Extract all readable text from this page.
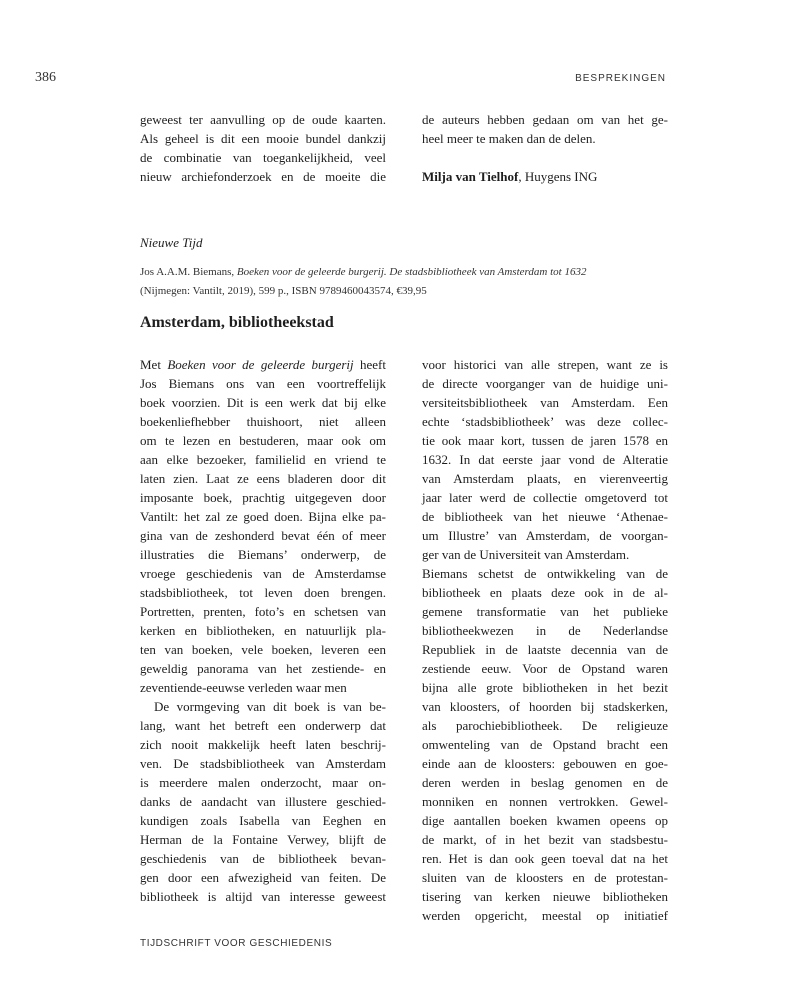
386	BESPREKINGEN
geweest ter aanvulling op de oude kaarten.
Als geheel is dit een mooie bundel dankzij
de combinatie van toegankelijkheid, veel
nieuw archiefonderzoek en de moeite die
de auteurs hebben gedaan om van het ge-
heel meer te maken dan de delen.

Milja van Tielhof, Huygens ING

Nieuwe Tijd
Jos A.A.M. Biemans, Boeken voor de geleerde burgerij. De stadsbibliotheek van Amsterdam tot 1632
(Nijmegen: Vantilt, 2019), 599 p., ISBN 9789460043574, €39,95
Amsterdam, bibliotheekstad
Met Boeken voor de geleerde burgerij heeft
Jos Biemans ons van een voortreffelijk
boek voorzien. Dit is een werk dat bij elke
boekenliefhebber thuishoort, niet alleen
om te lezen en bestuderen, maar ook om
aan elke bezoeker, familielid en vriend te
laten zien. Laat ze eens bladeren door dit
imposante boek, prachtig uitgegeven door
Vantilt: het zal ze goed doen. Bijna elke pa-
gina van de zeshonderd bevat één of meer
illustraties die Biemans’ onderwerp, de
vroege geschiedenis van de Amsterdamse
stadsbibliotheek, tot leven doen brengen.
Portretten, prenten, foto’s en schetsen van
kerken en bibliotheken, en natuurlijk pla-
ten van boeken, vele boeken, leveren een
geweldig panorama van het zestiende- en
zeventiende-eeuwse verleden waar men
De vormgeving van dit boek is van be-
lang, want het betreft een onderwerp dat
zich nooit makkelijk heeft laten beschrij-
ven. De stadsbibliotheek van Amsterdam
is meerdere malen onderzocht, maar on-
danks de aandacht van illustere geschied-
kundigen zoals Isabella van Eeghen en
Herman de la Fontaine Verwey, blijft de
geschiedenis van de bibliotheek bevan-
gen door een afwezigheid van feiten. De
bibliotheek is altijd van interesse geweest
voor historici van alle strepen, want ze is
de directe voorganger van de huidige uni-
versiteitsbibliotheek van Amsterdam. Een
echte ‘stadsbibliotheek’ was deze collec-
tie ook maar kort, tussen de jaren 1578 en
1632. In dat eerste jaar vond de Alteratie
van Amsterdam plaats, en vierenveertig
jaar later werd de collectie omgetoverd tot
de bibliotheek van het nieuwe ‘Athenae-
um Illustre’ van Amsterdam, de voorgan-
ger van de Universiteit van Amsterdam.
Biemans schetst de ontwikkeling van de
bibliotheek en plaats deze ook in de al-
gemene transformatie van het publieke
bibliotheekwezen in de Nederlandse
Republiek in de laatste decennia van de
zestiende eeuw. Voor de Opstand waren
bijna alle grote bibliotheken in het bezit
van kloosters, of hoorden bij stadskerken,
als parochiebibliotheek. De religieuze
omwenteling van de Opstand bracht een
einde aan de kloosters: gebouwen en goe-
deren werden in beslag genomen en de
monniken en nonnen vertrokken. Gewel-
dige aantallen boeken kwamen opeens op
de markt, of in het bezit van stadsbestu-
ren. Het is dan ook geen toeval dat na het
sluiten van de kloosters en de protestan-
tisering van kerken nieuwe bibliotheken
werden opgericht, meestal op initiatief
TIJDSCHRIFT VOOR GESCHIEDENIS
